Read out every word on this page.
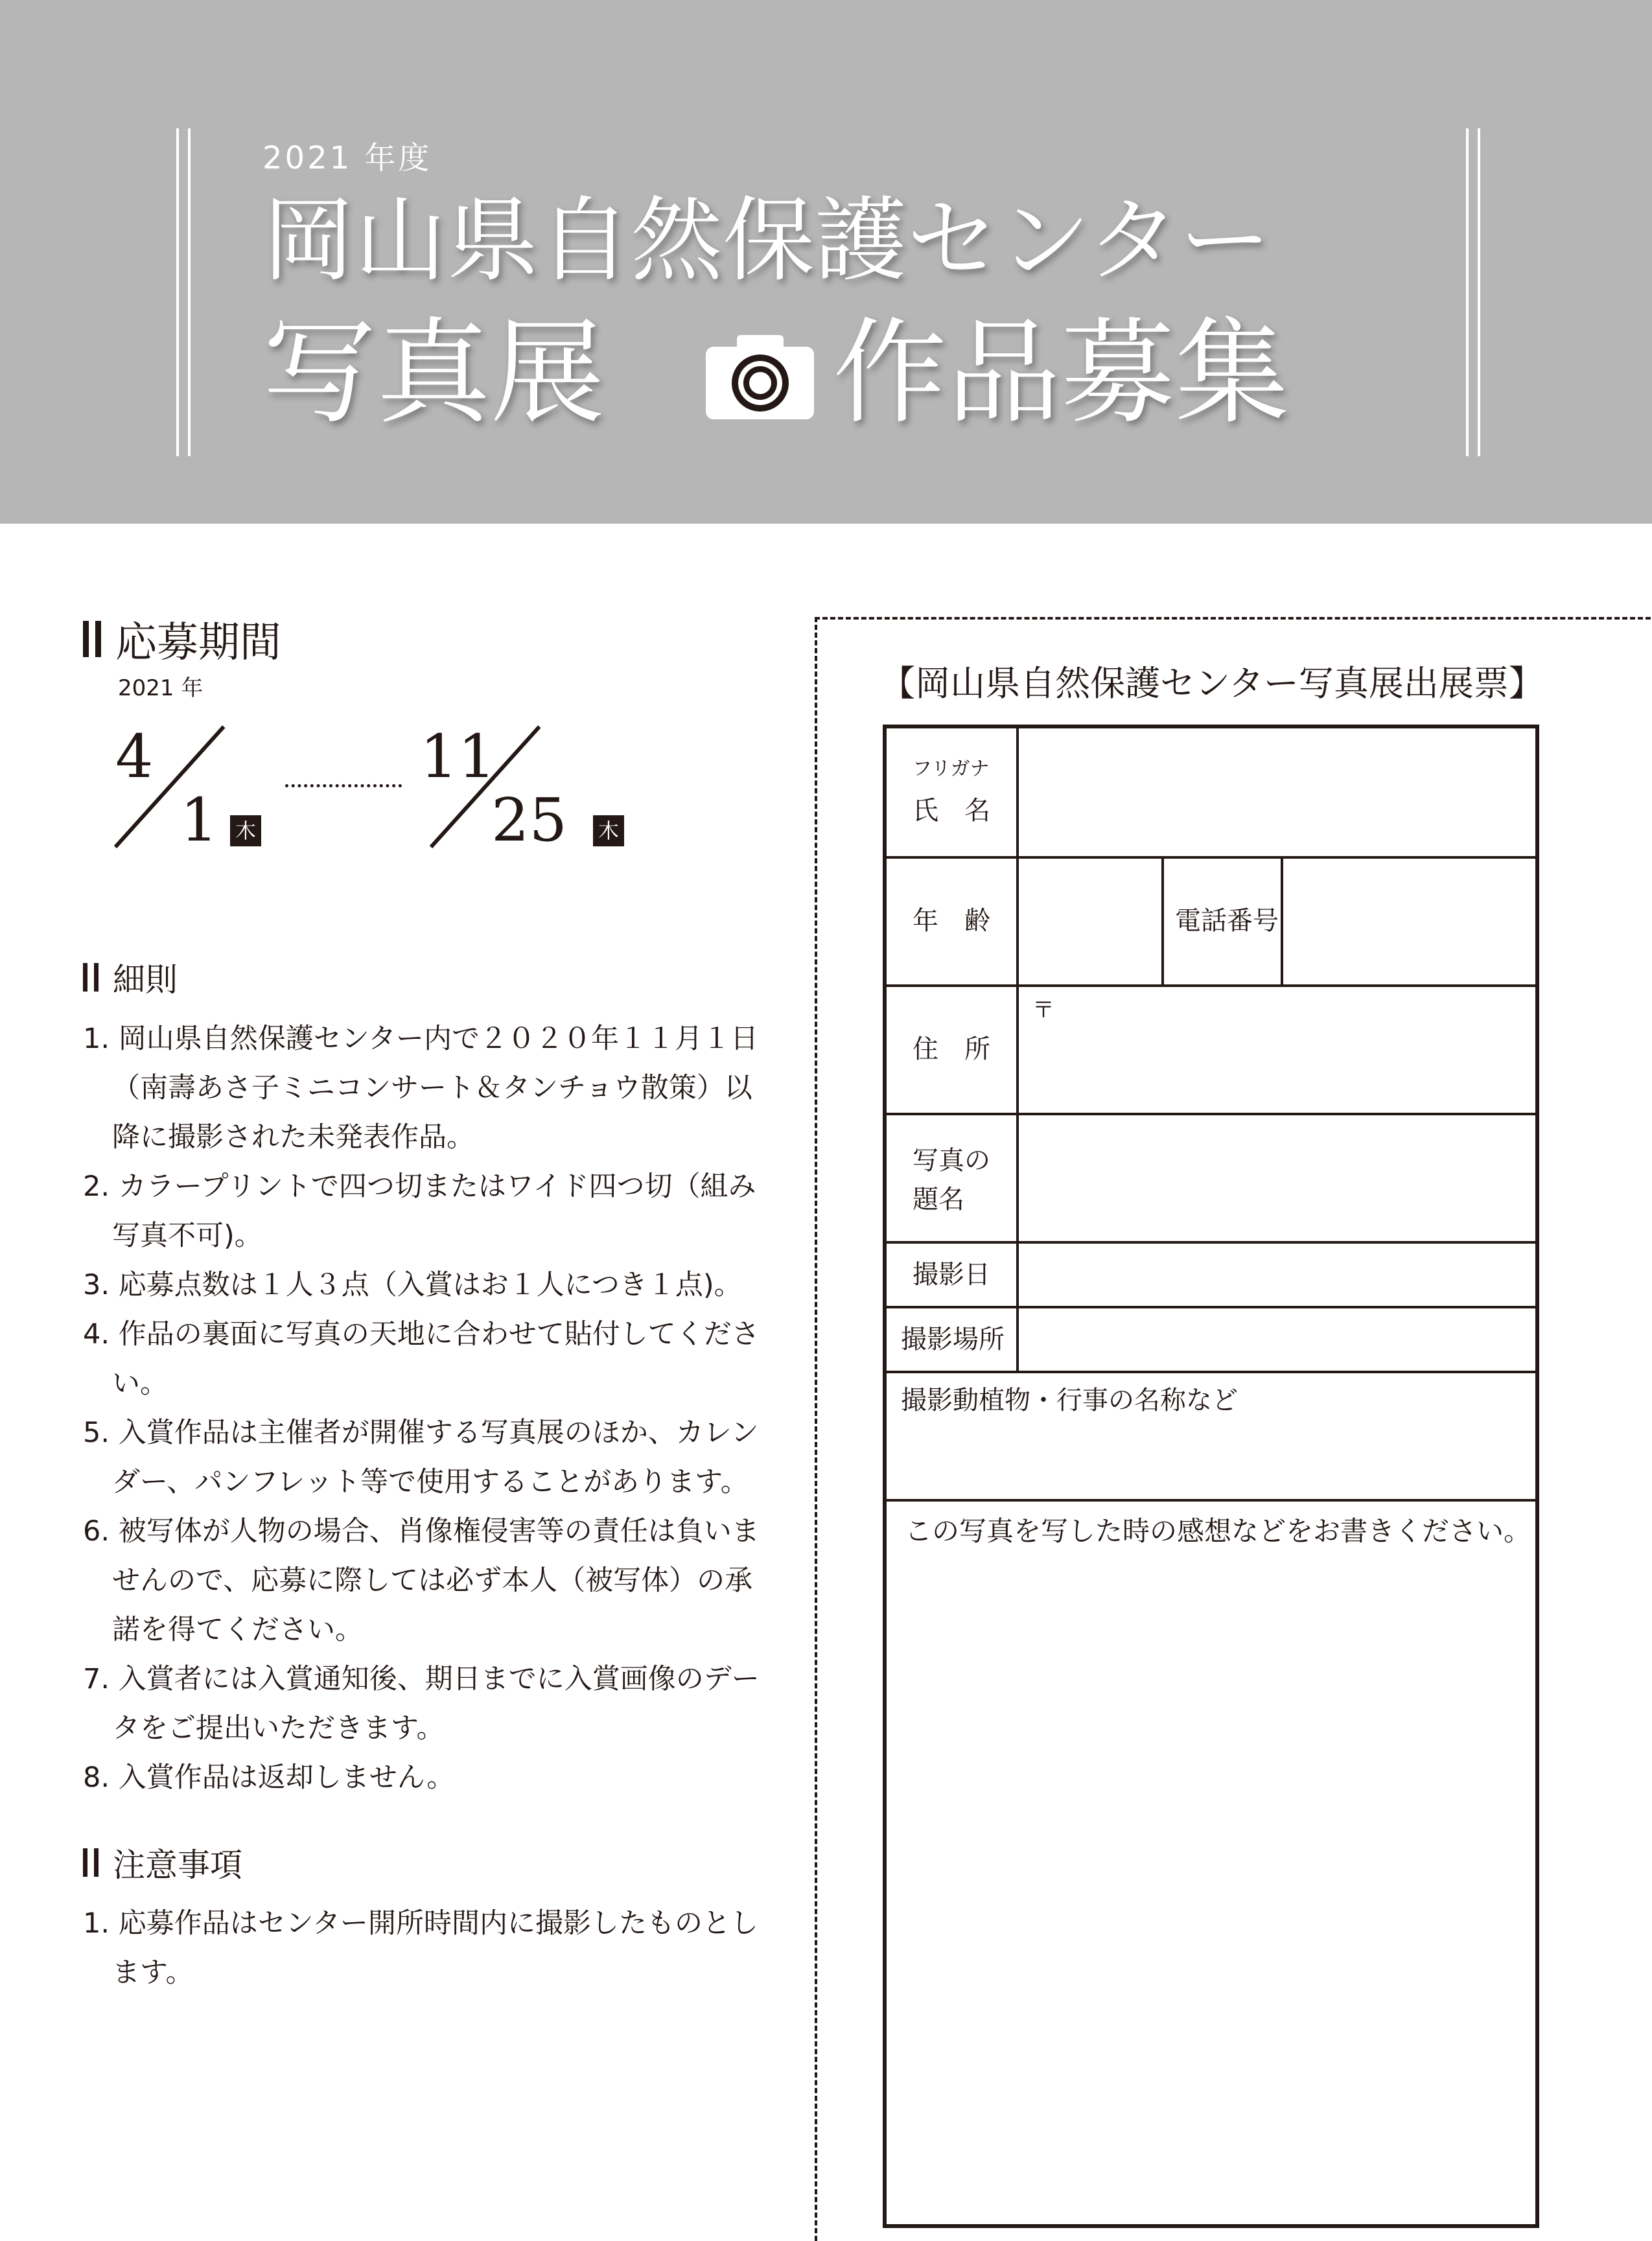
2021 年度
岡山県自然保護センター
写真展 作品募集
応募期間
2021 年
4
1 木
11
25 木
細則
1. 岡山県自然保護センター内で２０２０年１１月１日（南壽あさ子ミニコンサート＆タンチョウ散策）以降に撮影された未発表作品。
2. カラープリントで四つ切またはワイド四つ切（組み写真不可)。
3. 応募点数は１人３点（入賞はお１人につき１点)。
4. 作品の裏面に写真の天地に合わせて貼付してください。
5. 入賞作品は主催者が開催する写真展のほか、カレンダー、パンフレット等で使用することがあります。
6. 被写体が人物の場合、肖像権侵害等の責任は負いませんので、応募に際しては必ず本人（被写体）の承諾を得てください。
7. 入賞者には入賞通知後、期日までに入賞画像のデータをご提出いただきます。
8. 入賞作品は返却しません。
注意事項
1. 応募作品はセンター開所時間内に撮影したものとします。
【岡山県自然保護センター写真展出展票】
フリガナ
氏　名
年　齢	電話番号
〒
住　所
写真の
題名
撮影日
撮影場所
撮影動植物・行事の名称など
この写真を写した時の感想などをお書きください。
